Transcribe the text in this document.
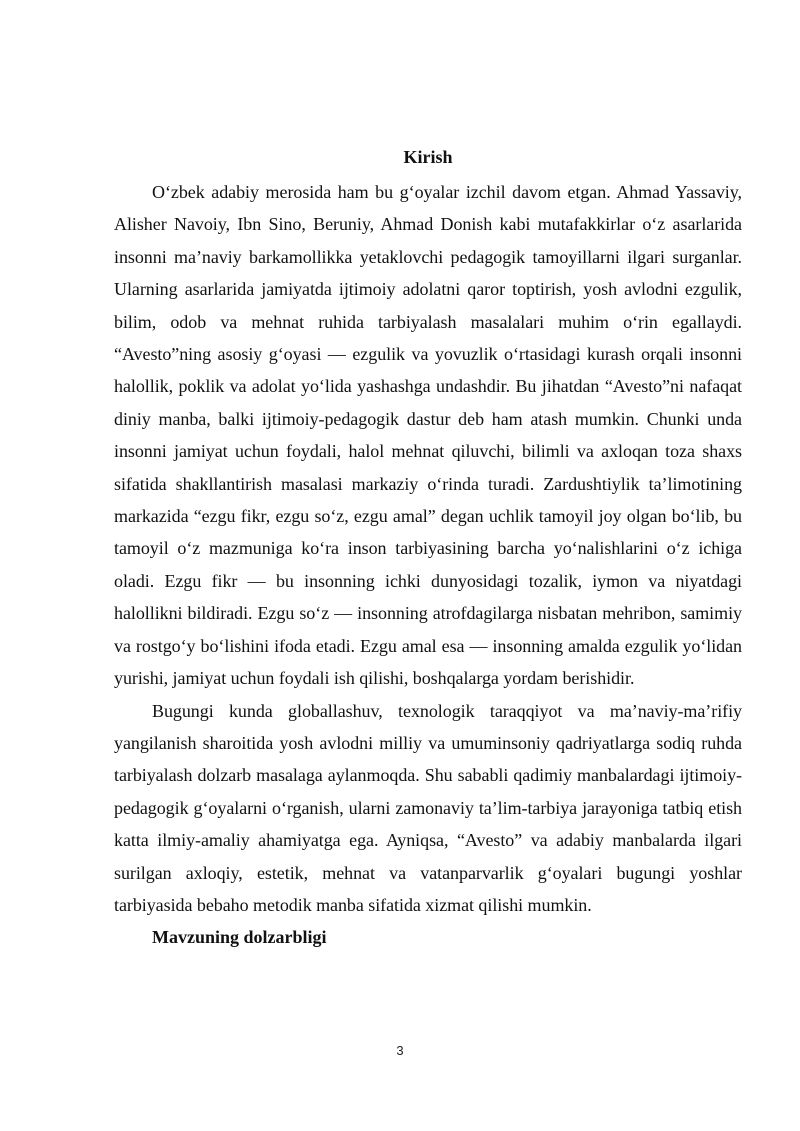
Kirish

O‘zbek adabiy merosida ham bu g‘oyalar izchil davom etgan. Ahmad Yassaviy, Alisher Navoiy, Ibn Sino, Beruniy, Ahmad Donish kabi mutafakkirlar o‘z asarlarida insonni ma’naviy barkamollikka yetaklovchi pedagogik tamoyillarni ilgari surganlar. Ularning asarlarida jamiyatda ijtimoiy adolatni qaror toptirish, yosh avlodni ezgulik, bilim, odob va mehnat ruhida tarbiyalash masalalari muhim o‘rin egallaydi. “Avesto”ning asosiy g‘oyasi — ezgulik va yovuzlik o‘rtasidagi kurash orqali insonni halollik, poklik va adolat yo‘lida yashashga undashdir. Bu jihatdan “Avesto”ni nafaqat diniy manba, balki ijtimoiy-pedagogik dastur deb ham atash mumkin. Chunki unda insonni jamiyat uchun foydali, halol mehnat qiluvchi, bilimli va axloqan toza shaxs sifatida shakllantirish masalasi markaziy o‘rinda turadi. Zardushtiylik ta’limotining markazida “ezgu fikr, ezgu so‘z, ezgu amal” degan uchlik tamoyil joy olgan bo‘lib, bu tamoyil o‘z mazmuniga ko‘ra inson tarbiyasining barcha yo‘nalishlarini o‘z ichiga oladi. Ezgu fikr — bu insonning ichki dunyosidagi tozalik, iymon va niyatdagi halollikni bildiradi. Ezgu so‘z — insonning atrofdagilarga nisbatan mehribon, samimiy va rostgo‘y bo‘lishini ifoda etadi. Ezgu amal esa — insonning amalda ezgulik yo‘lidan yurishi, jamiyat uchun foydali ish qilishi, boshqalarga yordam berishidir.

Bugungi kunda globallashuv, texnologik taraqqiyot va ma’naviy-ma’rifiy yangilanish sharoitida yosh avlodni milliy va umuminsoniy qadriyatlarga sodiq ruhda tarbiyalash dolzarb masalaga aylanmoqda. Shu sababli qadimiy manbalardagi ijtimoiy-pedagogik g‘oyalarni o‘rganish, ularni zamonaviy ta’lim-tarbiya jarayoniga tatbiq etish katta ilmiy-amaliy ahamiyatga ega. Ayniqsa, “Avesto” va adabiy manbalarda ilgari surilgan axloqiy, estetik, mehnat va vatanparvarlik g‘oyalari bugungi yoshlar tarbiyasida bebaho metodik manba sifatida xizmat qilishi mumkin.

Mavzuning dolzarbligi
3
